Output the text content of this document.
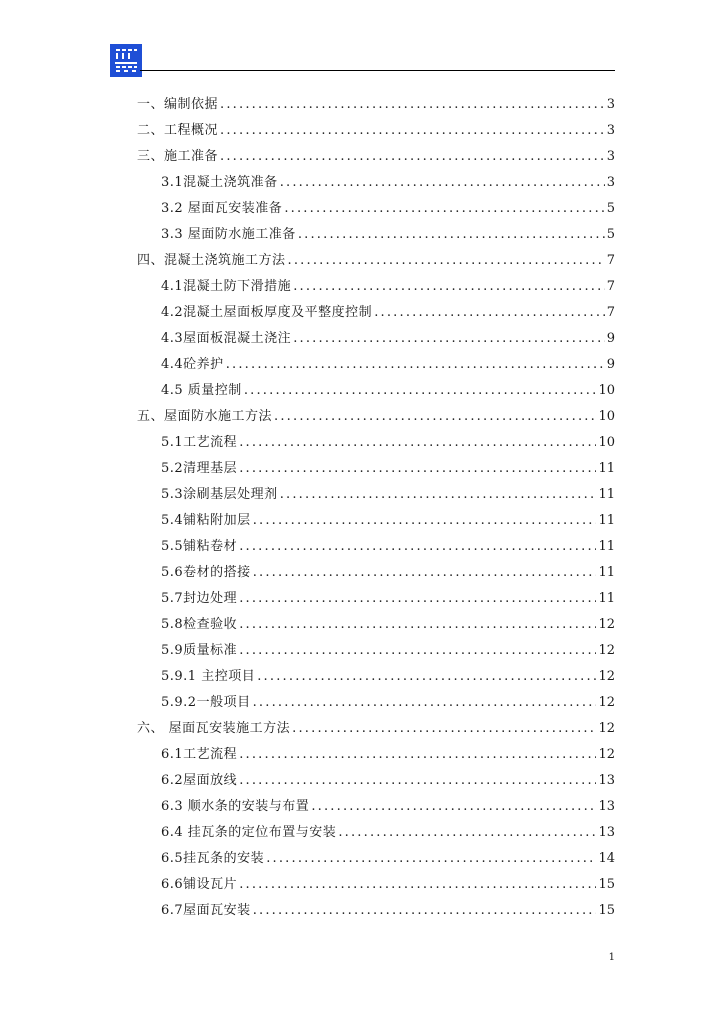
一、编制依据 .....	3
二、工程概况 .....	3
三、施工准备 .....	3
3.1混凝土浇筑准备 .....	3
3.2 屋面瓦安装准备 .....	5
3.3 屋面防水施工准备 .....	5
四、混凝土浇筑施工方法 .....	7
4.1混凝土防下滑措施 .....	7
4.2混凝土屋面板厚度及平整度控制 .....	7
4.3屋面板混凝土浇注 .....	9
4.4砼养护 .....	9
4.5 质量控制 .....	10
五、屋面防水施工方法 .....	10
5.1工艺流程 .....	10
5.2清理基层 .....	11
5.3涂刷基层处理剂 .....	11
5.4铺粘附加层 .....	11
5.5铺粘卷材 .....	11
5.6卷材的搭接 .....	11
5.7封边处理 .....	11
5.8检查验收 .....	12
5.9质量标准 .....	12
5.9.1 主控项目 .....	12
5.9.2一般项目 .....	12
六、 屋面瓦安装施工方法 .....	12
6.1工艺流程 .....	12
6.2屋面放线 .....	13
6.3 顺水条的安装与布置 .....	13
6.4 挂瓦条的定位布置与安装 .....	13
6.5挂瓦条的安装 .....	14
6.6铺设瓦片 .....	15
6.7屋面瓦安装 .....	15
1
